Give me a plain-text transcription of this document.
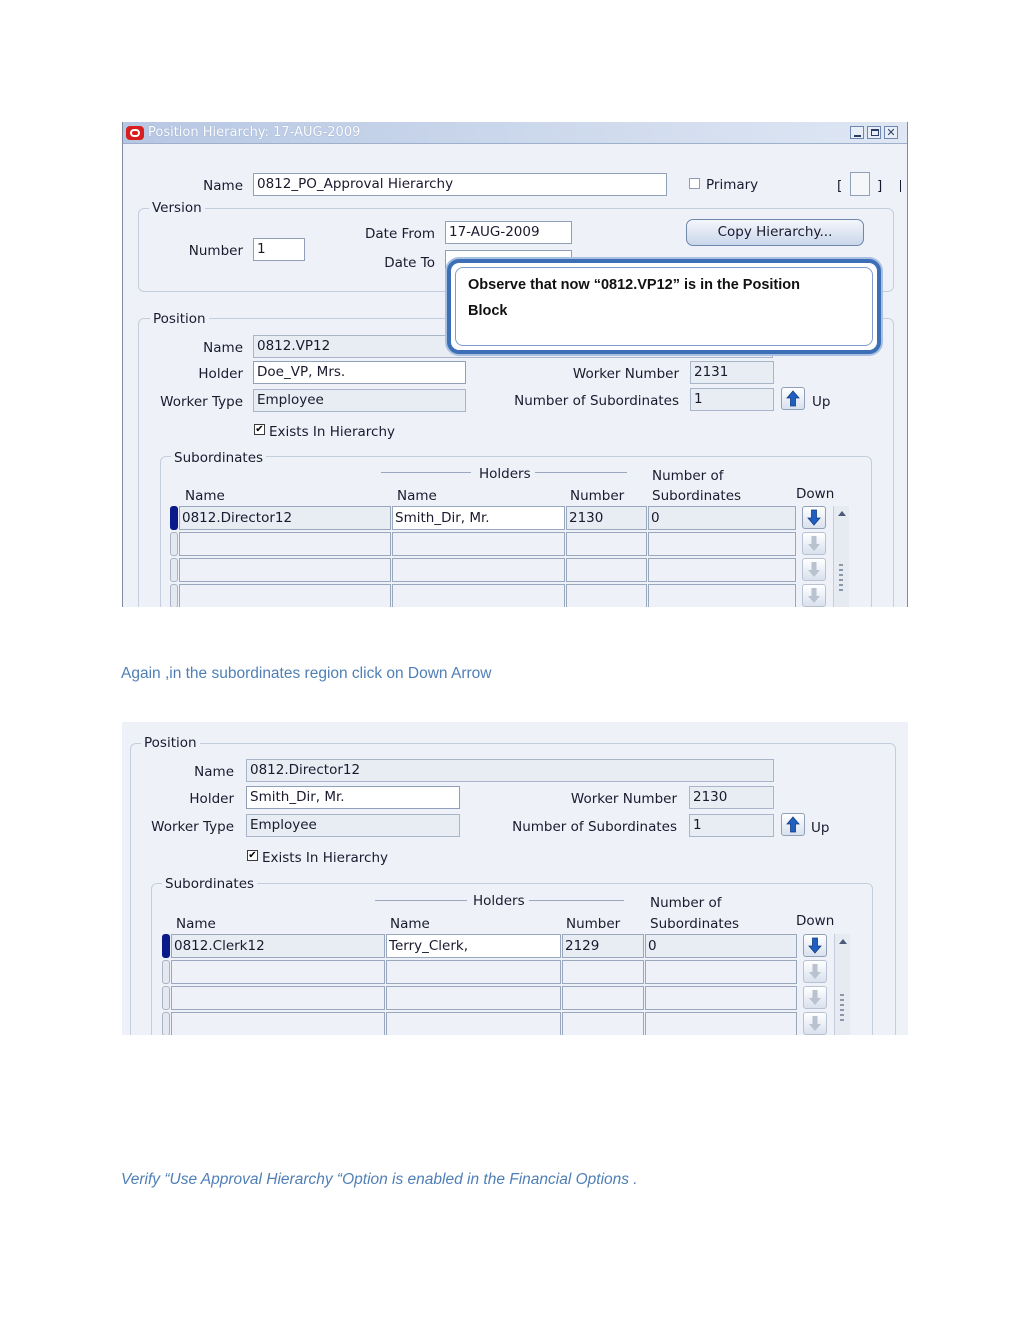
Position Hierarchy: 17-AUG-2009	✕
Name 0812_PO_Approval Hierarchy	Primary	[	]
Version
Number 1
Date From 17-AUG-2009
Date To
Copy Hierarchy...
Position
Name 0812.VP12
Holder Doe_VP, Mrs.
Worker Type Employee
Worker Number 2131
Number of Subordinates 1	Up
✔ Exists In Hierarchy
Subordinates
Holders
Name	Name	Number
Number of
Subordinates	Down
0812.Director12	Smith_Dir, Mr.	2130	0
Observe that now “0812.VP12” is in the Position
Block
Again ,in the subordinates region click on Down Arrow
Position
Name 0812.Director12
Holder Smith_Dir, Mr.
Worker Type Employee
Worker Number 2130
Number of Subordinates 1	Up
✔ Exists In Hierarchy
Subordinates
Holders
Name	Name	Number
Number of
Subordinates	Down
0812.Clerk12	Terry_Clerk,	2129	0
Verify “Use Approval Hierarchy “Option is enabled in the Financial Options .
